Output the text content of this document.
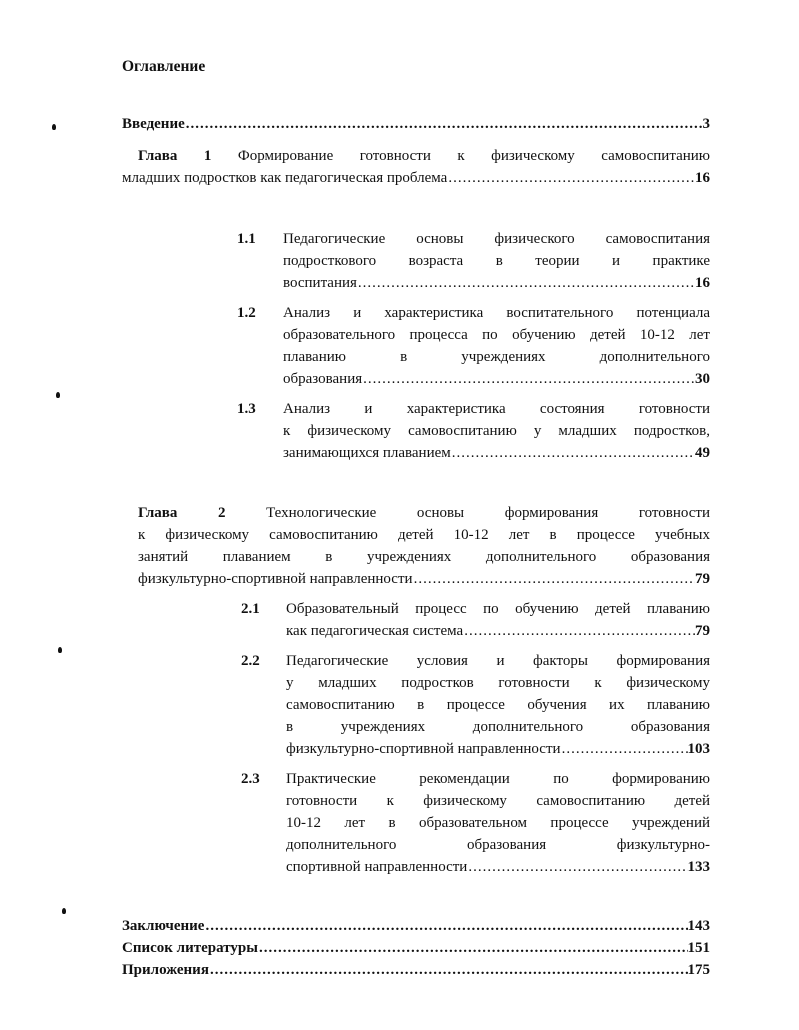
Оглавление
Введение .....	3
Глава 1 Формирование готовности к физическому самовоспитанию
младших подростков как педагогическая проблема .....	16
1.1 Педагогические основы физического самовоспитания
подросткового возраста в теории и практике
воспитания .....	16
1.2 Анализ и характеристика воспитательного потенциала
образовательного процесса по обучению детей 10-12 лет
плаванию в учреждениях дополнительного
образования .....	30
1.3 Анализ и характеристика состояния готовности
к физическому самовоспитанию у младших подростков,
занимающихся плаванием .....	49
Глава 2	Технологические основы формирования готовности
к физическому самовоспитанию детей 10-12 лет в процессе учебных
занятий плаванием в учреждениях дополнительного образования
физкультурно-спортивной направленности .....	79
2.1 Образовательный процесс по обучению детей плаванию
как педагогическая система .....	79
2.2 Педагогические условия и факторы формирования
у младших подростков готовности к физическому
самовоспитанию в процессе обучения их плаванию
в учреждениях дополнительного образования
физкультурно-спортивной направленности .....	103
2.3 Практические рекомендации по формированию
готовности к физическому самовоспитанию детей
10-12 лет в образовательном процессе учреждений
дополнительного образования физкультурно-
спортивной направленности .....	133
Заключение .....	143
Список литературы .....	151
Приложения .....	175
